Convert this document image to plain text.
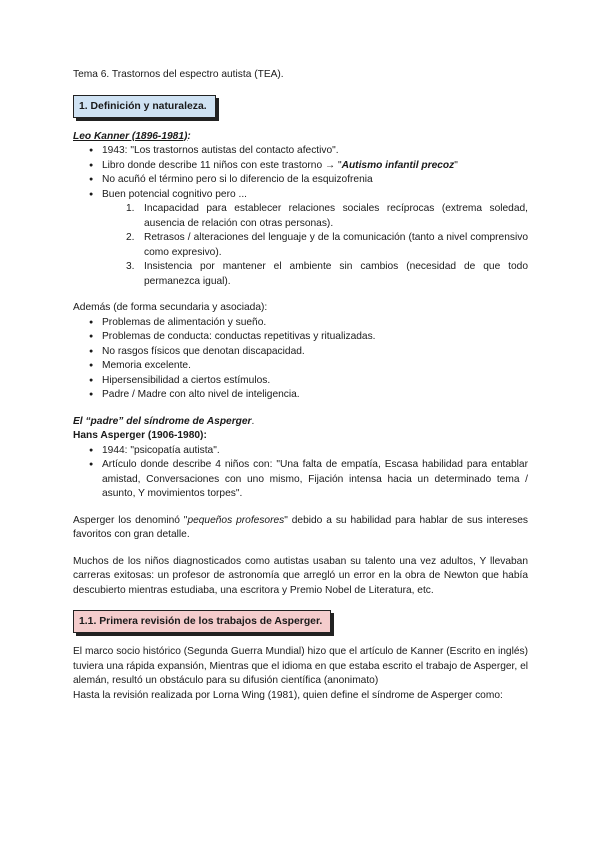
Tema 6. Trastornos del espectro autista (TEA).
1. Definición y naturaleza.
Leo Kanner (1896-1981):
● 1943: "Los trastornos autistas del contacto afectivo".
● Libro donde describe 11 niños con este trastorno → "Autismo infantil precoz"
● No acuñó el término pero si lo diferencio de la esquizofrenia
● Buen potencial cognitivo pero ...
1. Incapacidad para establecer relaciones sociales recíprocas (extrema soledad, ausencia de relación con otras personas).
2. Retrasos / alteraciones del lenguaje y de la comunicación (tanto a nivel comprensivo como expresivo).
3. Insistencia por mantener el ambiente sin cambios (necesidad de que todo permanezca igual).
Además (de forma secundaria y asociada):
● Problemas de alimentación y sueño.
● Problemas de conducta: conductas repetitivas y ritualizadas.
● No rasgos físicos que denotan discapacidad.
● Memoria excelente.
● Hipersensibilidad a ciertos estímulos.
● Padre / Madre con alto nivel de inteligencia.
El “padre” del síndrome de Asperger.
Hans Asperger (1906-1980):
● 1944: "psicopatía autista".
● Artículo donde describe 4 niños con: "Una falta de empatía, Escasa habilidad para entablar amistad, Conversaciones con uno mismo, Fijación intensa hacia un determinado tema / asunto, Y movimientos torpes".
Asperger los denominó "pequeños profesores" debido a su habilidad para hablar de sus intereses favoritos con gran detalle.
Muchos de los niños diagnosticados como autistas usaban su talento una vez adultos, Y llevaban carreras exitosas: un profesor de astronomía que arregló un error en la obra de Newton que había descubierto mientras estudiaba, una escritora y Premio Nobel de Literatura, etc.
1.1. Primera revisión de los trabajos de Asperger.
El marco socio histórico (Segunda Guerra Mundial) hizo que el artículo de Kanner (Escrito en inglés) tuviera una rápida expansión, Mientras que el idioma en que estaba escrito el trabajo de Asperger, el alemán, resultó un obstáculo para su difusión científica (anonimato)
Hasta la revisión realizada por Lorna Wing (1981), quien define el síndrome de Asperger como:
